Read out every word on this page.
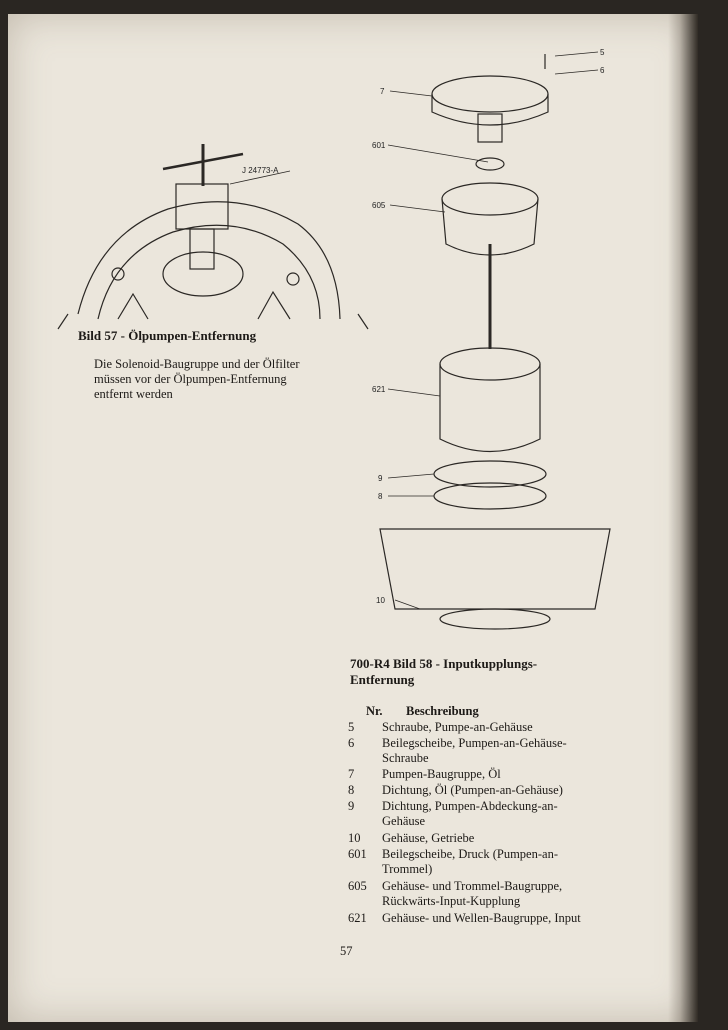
J 24773-A
Bild 57 - Ölpumpen-Entfernung
Die Solenoid-Baugruppe und der Ölfilter
müssen vor der Ölpumpen-Entfernung
entfernt werden
5
6
7
601
605
621
9
8
10
700-R4 Bild 58 - Inputkupplungs-
Entfernung
Nr.	Beschreibung
5	Schraube, Pumpe-an-Gehäuse
6	Beilegscheibe, Pumpen-an-Gehäuse-
Schraube
7	Pumpen-Baugruppe, Öl
8	Dichtung, Öl (Pumpen-an-Gehäuse)
9	Dichtung, Pumpen-Abdeckung-an-
Gehäuse
10	Gehäuse, Getriebe
601	Beilegscheibe, Druck (Pumpen-an-
Trommel)
605	Gehäuse- und Trommel-Baugruppe,
Rückwärts-Input-Kupplung
621	Gehäuse- und Wellen-Baugruppe, Input
57
